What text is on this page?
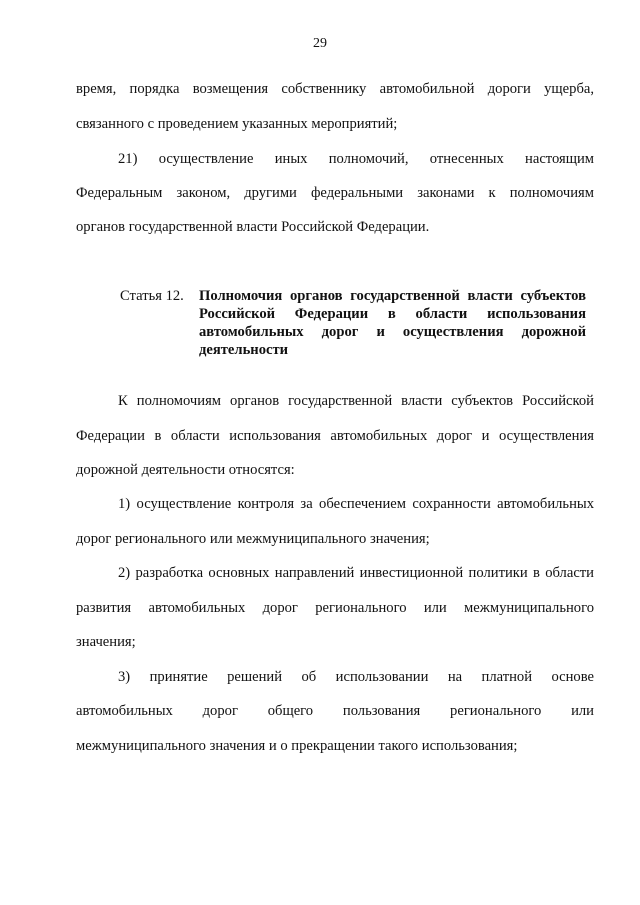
29
время, порядка возмещения собственнику автомобильной дороги ущерба,
связанного с проведением указанных мероприятий;
21) осуществление иных полномочий, отнесенных настоящим
Федеральным законом, другими федеральными законами к полномочиям
органов государственной власти Российской Федерации.
Статья 12. Полномочия органов государственной власти субъектов
Российской Федерации в области использования
автомобильных дорог и осуществления дорожной
деятельности
К полномочиям органов государственной власти субъектов Российской
Федерации в области использования автомобильных дорог и осуществления
дорожной деятельности относятся:
1) осуществление контроля за обеспечением сохранности автомобильных
дорог регионального или межмуниципального значения;
2) разработка основных направлений инвестиционной политики в области
развития автомобильных дорог регионального или межмуниципального
значения;
3) принятие решений об использовании на платной основе
автомобильных дорог общего пользования регионального или
межмуниципального значения и о прекращении такого использования;
